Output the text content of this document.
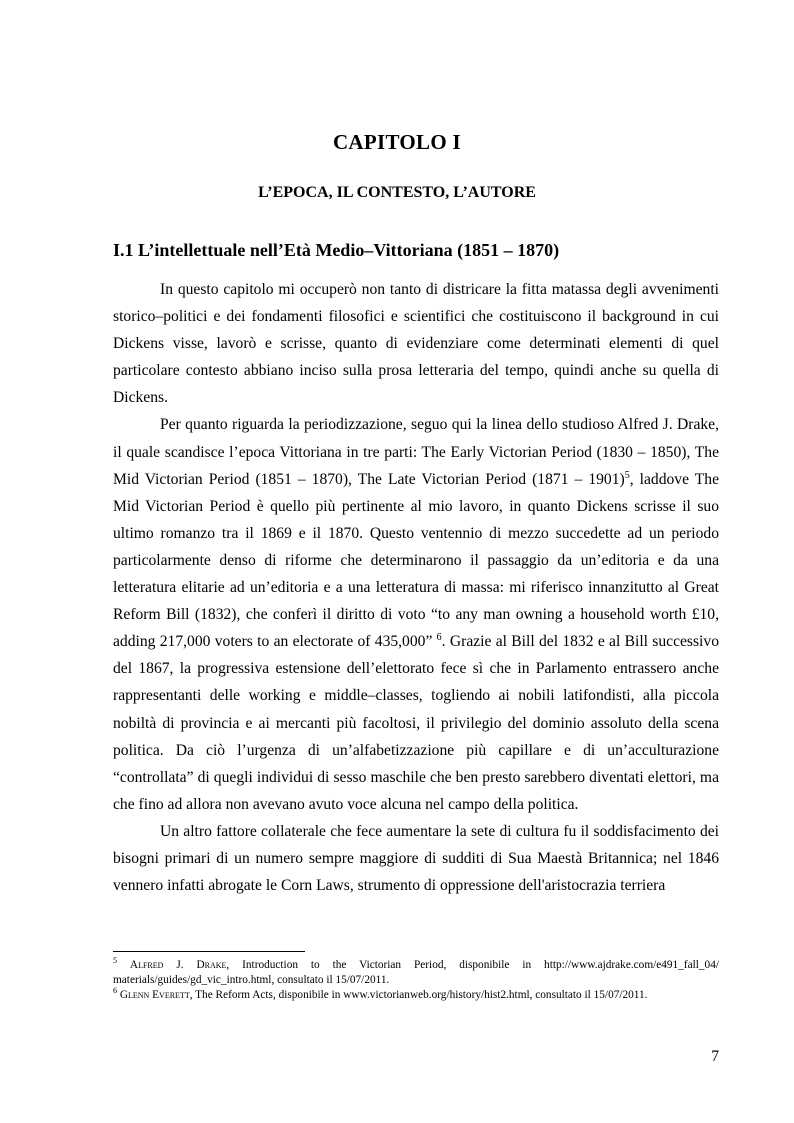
CAPITOLO I
L’EPOCA, IL CONTESTO, L’AUTORE
I.1 L’intellettuale nell’Età Medio–Vittoriana (1851 – 1870)

In questo capitolo mi occuperò non tanto di districare la fitta matassa degli avvenimenti storico–politici e dei fondamenti filosofici e scientifici che costituiscono il background in cui Dickens visse, lavorò e scrisse, quanto di evidenziare come determinati elementi di quel particolare contesto abbiano inciso sulla prosa letteraria del tempo, quindi anche su quella di Dickens.

Per quanto riguarda la periodizzazione, seguo qui la linea dello studioso Alfred J. Drake, il quale scandisce l’epoca Vittoriana in tre parti: The Early Victorian Period (1830 – 1850), The Mid Victorian Period (1851 – 1870), The Late Victorian Period (1871 – 1901)$^5$, laddove The Mid Victorian Period è quello più pertinente al mio lavoro, in quanto Dickens scrisse il suo ultimo romanzo tra il 1869 e il 1870. Questo ventennio di mezzo succedette ad un periodo particolarmente denso di riforme che determinarono il passaggio da un’editoria e da una letteratura elitarie ad un’editoria e a una letteratura di massa: mi riferisco innanzitutto al Great Reform Bill (1832), che conferì il diritto di voto “to any man owning a household worth £10, adding 217,000 voters to an electorate of 435,000” $^6$. Grazie al Bill del 1832 e al Bill successivo del 1867, la progressiva estensione dell’elettorato fece sì che in Parlamento entrassero anche rappresentanti delle working e middle–classes, togliendo ai nobili latifondisti, alla piccola nobiltà di provincia e ai mercanti più facoltosi, il privilegio del dominio assoluto della scena politica. Da ciò l’urgenza di un’alfabetizzazione più capillare e di un’acculturazione “controllata” di quegli individui di sesso maschile che ben presto sarebbero diventati elettori, ma che fino ad allora non avevano avuto voce alcuna nel campo della politica.

Un altro fattore collaterale che fece aumentare la sete di cultura fu il soddisfacimento dei bisogni primari di un numero sempre maggiore di sudditi di Sua Maestà Britannica; nel 1846 vennero infatti abrogate le Corn Laws, strumento di oppressione dell'aristocrazia terriera

$^5$ Alfred J. Drake, Introduction to the Victorian Period, disponibile in http://www.ajdrake.com/e491_fall_04/ materials/guides/gd_vic_intro.html, consultato il 15/07/2011.

$^6$ Glenn Everett, The Reform Acts, disponibile in www.victorianweb.org/history/hist2.html, consultato il 15/07/2011.

7
